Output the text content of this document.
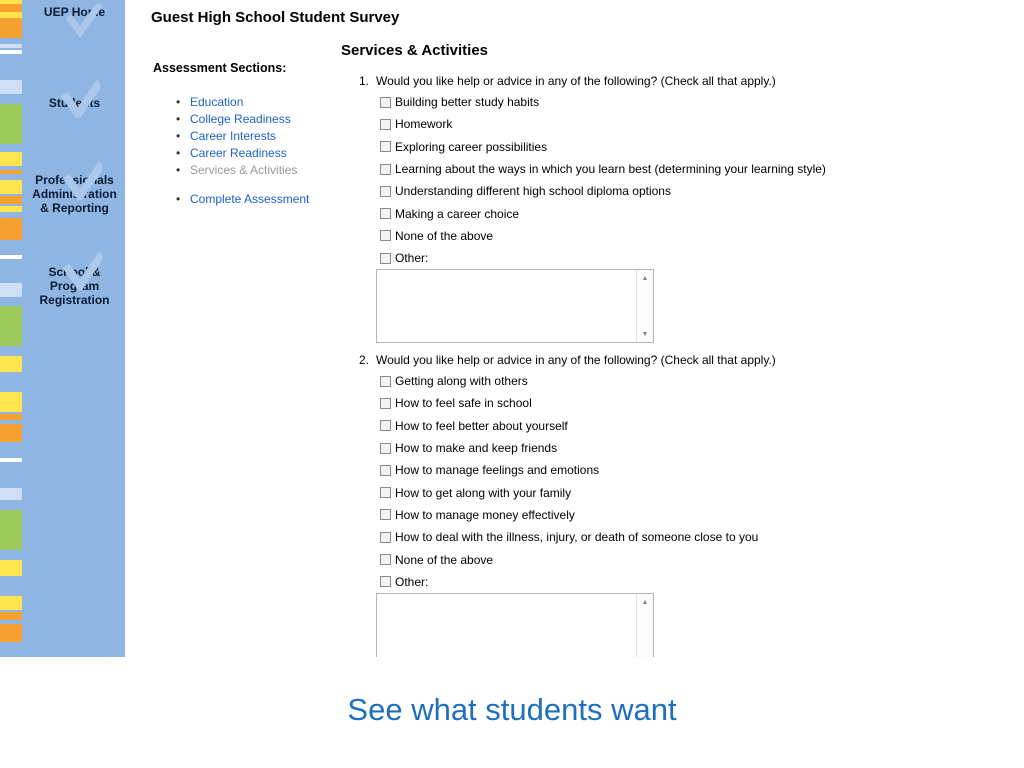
UEP Home
Students
Professionals
Administration
& Reporting
School &
Program
Registration
Guest High School Student Survey
Assessment Sections:
• Education
• College Readiness
• Career Interests
• Career Readiness
• Services & Activities
• Complete Assessment
Services & Activities
1. Would you like help or advice in any of the following? (Check all that apply.)
Building better study habits
Homework
Exploring career possibilities
Learning about the ways in which you learn best (determining your learning style)
Understanding different high school diploma options
Making a career choice
None of the above
Other:
▲
▼
2. Would you like help or advice in any of the following? (Check all that apply.)
Getting along with others
How to feel safe in school
How to feel better about yourself
How to make and keep friends
How to manage feelings and emotions
How to get along with your family
How to manage money effectively
How to deal with the illness, injury, or death of someone close to you
None of the above
Other:
▲
See what students want
